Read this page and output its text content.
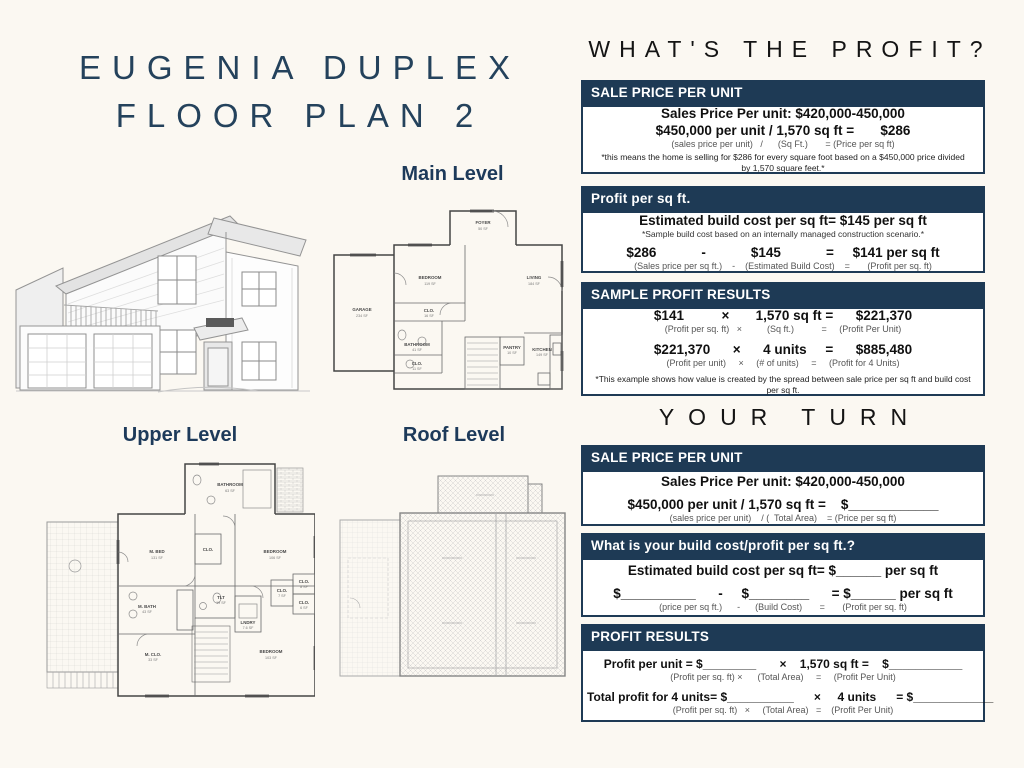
EUGENIA DUPLEX
FLOOR PLAN 2
Main Level
FOYER
50 SF
BEDROOM
119 SF
LIVING
184 SF
GARAGE
234 SF
CLO.
16 SF
BATHROOM
41 SF
CLO.
11 SF
PANTRY
10 SF
KITCHEN
149 SF
Upper Level
BATHROOM
63 SF
M. BED
131 SF
BEDROOM
106 SF
CLO.
TLT
19 SF
LNDRY
7.6 SF
M. BATH
43 SF
CLO.
7 SF
CLO.
8 SF
CLO.
6 SF
M. CLO.
33 SF
BEDROOM
103 SF
Roof Level
WHAT'S THE PROFIT?
SALE PRICE PER UNIT
Sales Price Per unit: $420,000-450,000
$450,000 per unit / 1,570 sq ft =       $286
(sales price per unit)   /      (Sq Ft.)       = (Price per sq ft)
*this means the home is selling for $286 for every square foot based on a $450,000 price divided by 1,570 square feet.*
Profit per sq ft.
Estimated build cost per sq ft= $145 per sq ft
*Sample build cost based on an internally managed construction scenario.*
$286            -            $145            =     $141 per sq ft
(Sales price per sq ft.)    -    (Estimated Build Cost)    =       (Profit per sq. ft)
SAMPLE PROFIT RESULTS
$141          ×       1,570 sq ft =      $221,370
(Profit per sq. ft)   ×          (Sq ft.)           =     (Profit Per Unit)
$221,370      ×      4 units     =      $885,480
(Profit per unit)     ×     (# of units)     =     (Profit for 4 Units)
*This example shows how value is created by the spread between sale price per sq ft and build cost per sq ft.
YOUR TURN
SALE PRICE PER UNIT
Sales Price Per unit: $420,000-450,000
$450,000 per unit / 1,570 sq ft =    $____________
(sales price per unit)    / (  Total Area)    = (Price per sq ft)
What is your build cost/profit per sq ft.?
Estimated build cost per sq ft= $______ per sq ft
$__________      -     $________      = $______ per sq ft
(price per sq ft.)      -      (Build Cost)       =       (Profit per sq. ft)
PROFIT RESULTS
Profit per unit = $________       ×    1,570 sq ft =    $___________
(Profit per sq. ft) ×      (Total Area)     =     (Profit Per Unit)
Total profit for 4 units= $__________      ×     4 units      = $____________
(Profit per sq. ft)   ×     (Total Area)   =    (Profit Per Unit)
